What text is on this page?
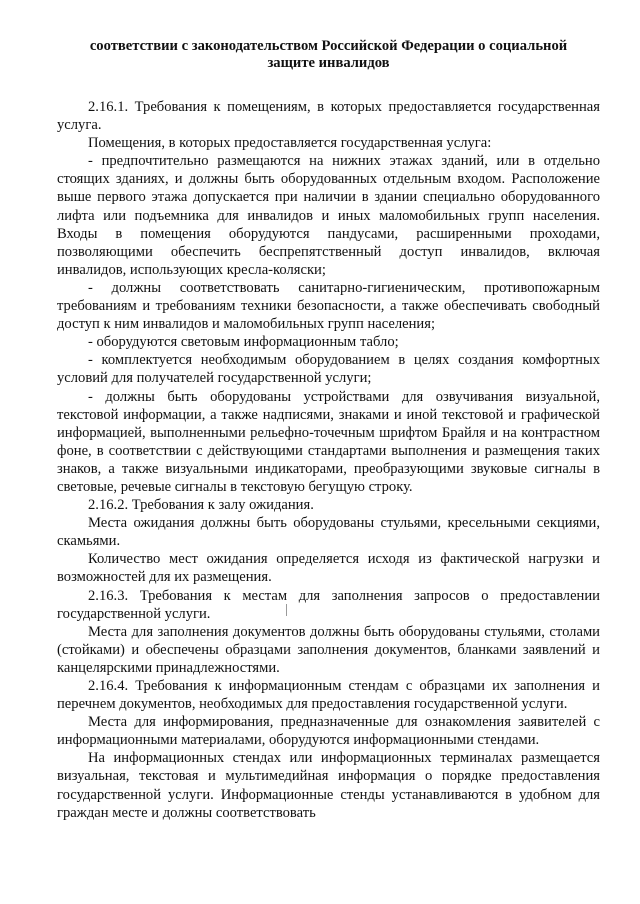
соответствии с законодательством Российской Федерации о социальной
защите инвалидов

2.16.1. Требования к помещениям, в которых предоставляется государственная услуга.

Помещения, в которых предоставляется государственная услуга:

- предпочтительно размещаются на нижних этажах зданий, или в отдельно стоящих зданиях, и должны быть оборудованных отдельным входом. Расположение выше первого этажа допускается при наличии в здании специально оборудованного лифта или подъемника для инвалидов и иных маломобильных групп населения. Входы в помещения оборудуются пандусами, расширенными проходами, позволяющими обеспечить беспрепятственный доступ инвалидов, включая инвалидов, использующих кресла-коляски;

- должны соответствовать санитарно-гигиеническим, противопожарным требованиям и требованиям техники безопасности, а также обеспечивать свободный доступ к ним инвалидов и маломобильных групп населения;

- оборудуются световым информационным табло;

- комплектуется необходимым оборудованием в целях создания комфортных условий для получателей государственной услуги;

- должны быть оборудованы устройствами для озвучивания визуальной, текстовой информации, а также надписями, знаками и иной текстовой и графической информацией, выполненными рельефно-точечным шрифтом Брайля и на контрастном фоне, в соответствии с действующими стандартами выполнения и размещения таких знаков, а также визуальными индикаторами, преобразующими звуковые сигналы в световые, речевые сигналы в текстовую бегущую строку.

2.16.2. Требования к залу ожидания.

Места ожидания должны быть оборудованы стульями, кресельными секциями, скамьями.

Количество мест ожидания определяется исходя из фактической нагрузки и возможностей для их размещения.

2.16.3. Требования к местам для заполнения запросов о предоставлении государственной услуги.

Места для заполнения документов должны быть оборудованы стульями, столами (стойками) и обеспечены образцами заполнения документов, бланками заявлений и канцелярскими принадлежностями.

2.16.4. Требования к информационным стендам с образцами их заполнения и перечнем документов, необходимых для предоставления государственной услуги.

Места для информирования, предназначенные для ознакомления заявителей с информационными материалами, оборудуются информационными стендами.

На информационных стендах или информационных терминалах размещается визуальная, текстовая и мультимедийная информация о порядке предоставления государственной услуги. Информационные стенды устанавливаются в удобном для граждан месте и должны соответствовать
